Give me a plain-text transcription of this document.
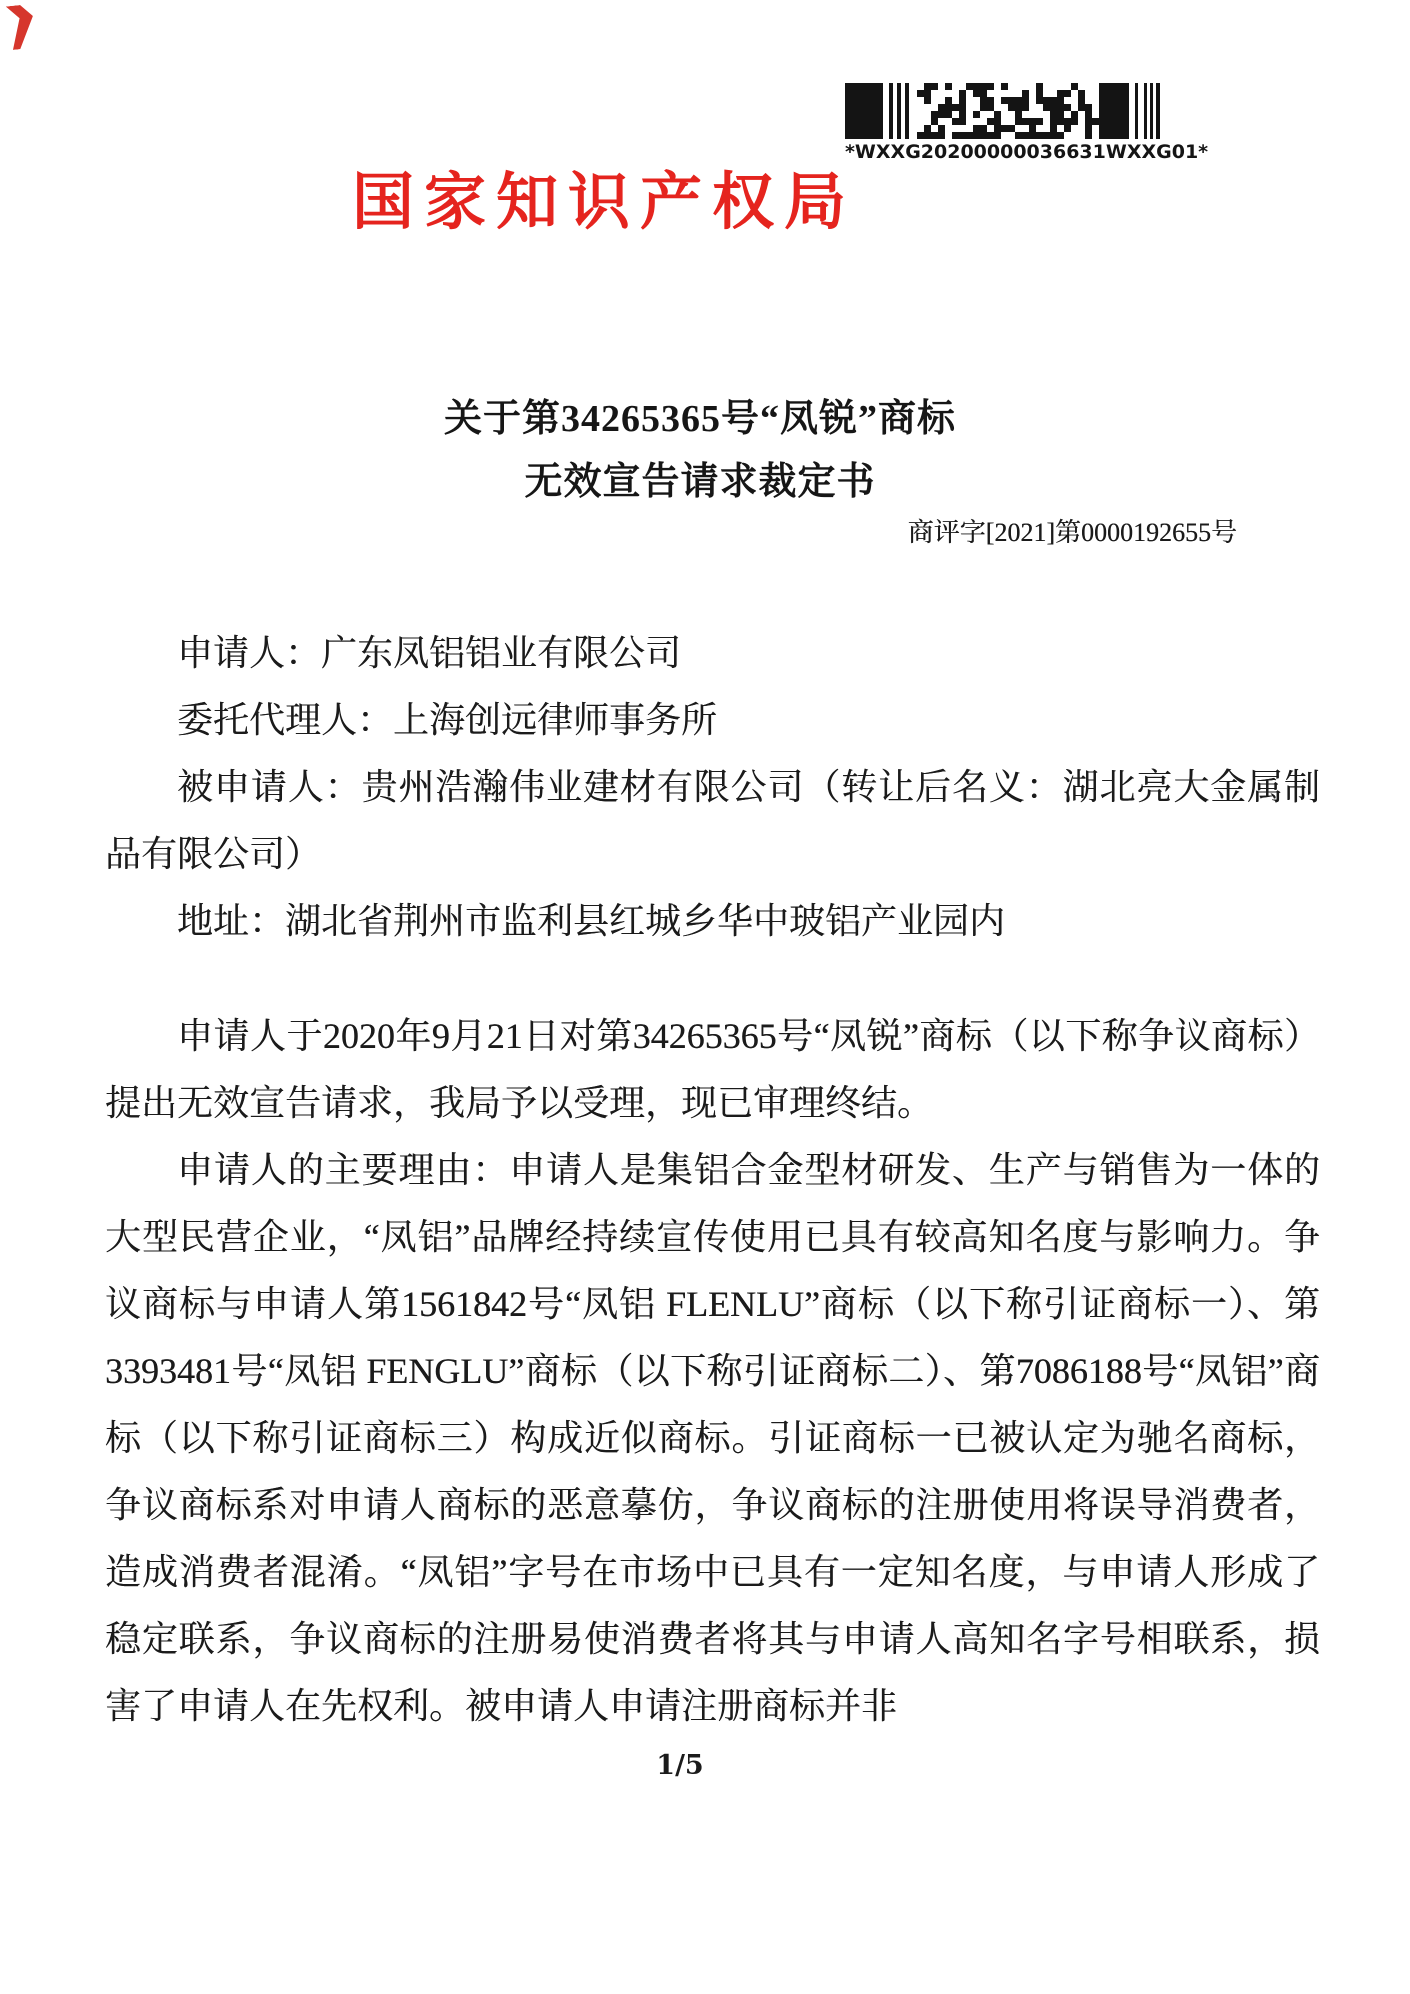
*WXXG20200000036631WXXG01*
国家知识产权局
关于第34265365号“凤锐”商标
无效宣告请求裁定书
商评字[2021]第0000192655号

申请人：广东凤铝铝业有限公司

委托代理人：上海创远律师事务所

被申请人：贵州浩瀚伟业建材有限公司（转让后名义：湖北亮大金属制品有限公司）

地址：湖北省荆州市监利县红城乡华中玻铝产业园内

申请人于2020年9月21日对第34265365号“凤锐”商标（以下称争议商标）提出无效宣告请求，我局予以受理，现已审理终结。

申请人的主要理由：申请人是集铝合金型材研发、生产与销售为一体的大型民营企业，“凤铝”品牌经持续宣传使用已具有较高知名度与影响力。争议商标与申请人第1561842号“凤铝 FLENLU”商标（以下称引证商标一）、第3393481号“凤铝 FENGLU”商标（以下称引证商标二）、第7086188号“凤铝”商标（以下称引证商标三）构成近似商标。引证商标一已被认定为驰名商标，争议商标系对申请人商标的恶意摹仿，争议商标的注册使用将误导消费者，造成消费者混淆。“凤铝”字号在市场中已具有一定知名度，与申请人形成了稳定联系，争议商标的注册易使消费者将其与申请人高知名字号相联系，损害了申请人在先权利。被申请人申请注册商标并非

1/5
